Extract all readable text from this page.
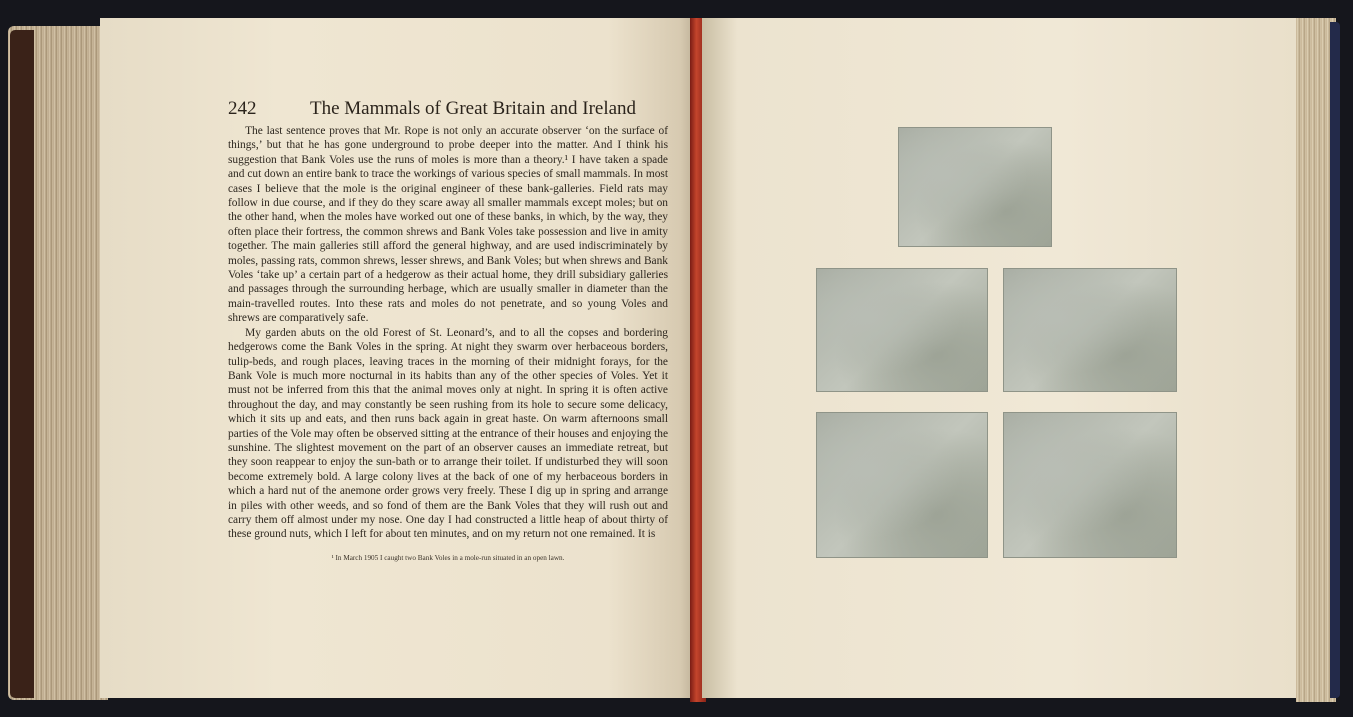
242	The Mammals of Great Britain and Ireland

The last sentence proves that Mr. Rope is not only an accurate observer ‘on the surface of things,’ but that he has gone underground to probe deeper into the matter. And I think his suggestion that Bank Voles use the runs of moles is more than a theory.¹ I have taken a spade and cut down an entire bank to trace the workings of various species of small mammals. In most cases I believe that the mole is the original engineer of these bank-galleries. Field rats may follow in due course, and if they do they scare away all smaller mammals except moles; but on the other hand, when the moles have worked out one of these banks, in which, by the way, they often place their fortress, the common shrews and Bank Voles take possession and live in amity together. The main galleries still afford the general highway, and are used indiscriminately by moles, passing rats, common shrews, lesser shrews, and Bank Voles; but when shrews and Bank Voles ‘take up’ a certain part of a hedgerow as their actual home, they drill subsidiary galleries and passages through the surrounding herbage, which are usually smaller in diameter than the main-travelled routes. Into these rats and moles do not penetrate, and so young Voles and shrews are comparatively safe.

My garden abuts on the old Forest of St. Leonard’s, and to all the copses and bordering hedgerows come the Bank Voles in the spring. At night they swarm over herbaceous borders, tulip-beds, and rough places, leaving traces in the morning of their midnight forays, for the Bank Vole is much more nocturnal in its habits than any of the other species of Voles. Yet it must not be inferred from this that the animal moves only at night. In spring it is often active throughout the day, and may constantly be seen rushing from its hole to secure some delicacy, which it sits up and eats, and then runs back again in great haste. On warm afternoons small parties of the Vole may often be observed sitting at the entrance of their houses and enjoying the sunshine. The slightest movement on the part of an observer causes an immediate retreat, but they soon reappear to enjoy the sun-bath or to arrange their toilet. If undisturbed they will soon become extremely bold. A large colony lives at the back of one of my herbaceous borders in which a hard nut of the anemone order grows very freely. These I dig up in spring and arrange in piles with other weeds, and so fond of them are the Bank Voles that they will rush out and carry them off almost under my nose. One day I had constructed a little heap of about thirty of these ground nuts, which I left for about ten minutes, and on my return not one remained. It is

¹ In March 1905 I caught two Bank Voles in a mole-run situated in an open lawn.
